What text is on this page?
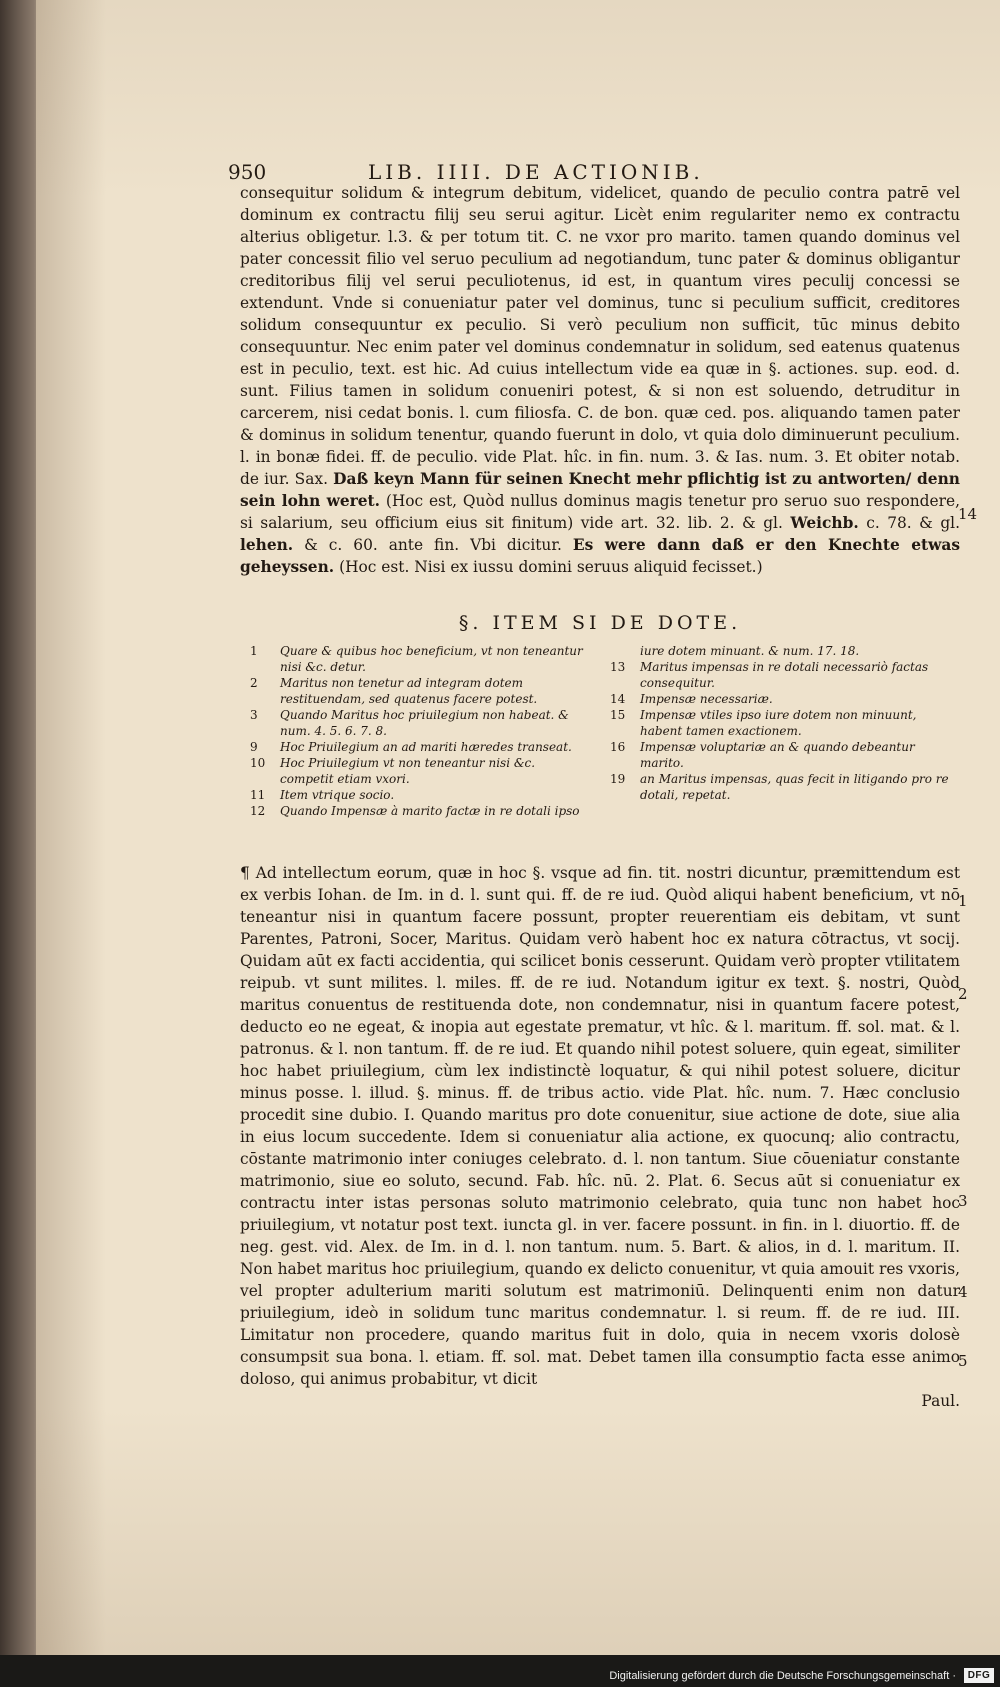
950	LIB. IIII. DE ACTIONIB.

consequitur solidum & integrum debitum, videlicet, quando de peculio contra patrē vel dominum ex contractu filij seu serui agitur. Licèt enim regulariter nemo ex contractu alterius obligetur. l.3. & per totum tit. C. ne vxor pro marito. tamen quando dominus vel pater concessit filio vel seruo peculium ad negotiandum, tunc pater & dominus obligantur creditoribus filij vel serui peculiotenus, id est, in quantum vires peculij concessi se extendunt. Vnde si conueniatur pater vel dominus, tunc si peculium sufficit, creditores solidum consequuntur ex peculio. Si verò peculium non sufficit, tūc minus debito consequuntur. Nec enim pater vel dominus condemnatur in solidum, sed eatenus quatenus est in peculio, text. est hic. Ad cuius intellectum vide ea quæ in §. actiones. sup. eod. d. sunt. Filius tamen in solidum conueniri potest, & si non est soluendo, detruditur in carcerem, nisi cedat bonis. l. cum filiosfa. C. de bon. quæ ced. pos. aliquando tamen pater & dominus in solidum tenentur, quando fuerunt in dolo, vt quia dolo diminuerunt peculium. l. in bonæ fidei. ff. de peculio. vide Plat. hîc. in fin. num. 3. & Ias. num. 3. Et obiter notab. de iur. Sax. Daß keyn Mann für seinen Knecht mehr pflichtig ist zu antworten/ denn sein lohn weret. (Hoc est, Quòd nullus dominus magis tenetur pro seruo suo respondere, si salarium, seu officium eius sit finitum) vide art. 32. lib. 2. & gl. Weichb. c. 78. & gl. lehen. & c. 60. ante fin. Vbi dicitur. Es were dann daß er den Knechte etwas geheyssen. (Hoc est. Nisi ex iussu domini seruus aliquid fecisset.)

§. ITEM SI DE DOTE.

1	Quare & quibus hoc beneficium, vt non teneantur nisi &c. detur.

2	Maritus non tenetur ad integram dotem restituendam, sed quatenus facere potest.

3	Quando Maritus hoc priuilegium non habeat. & num. 4. 5. 6. 7. 8.

9	Hoc Priuilegium an ad mariti hæredes transeat.

10	Hoc Priuilegium vt non teneantur nisi &c. competit etiam vxori.

11	Item vtrique socio.

12	Quando Impensæ à marito factæ in re dotali ipso

iure dotem minuant. & num. 17. 18.

13	Maritus impensas in re dotali necessariò factas consequitur.

14	Impensæ necessariæ.

15	Impensæ vtiles ipso iure dotem non minuunt, habent tamen exactionem.

16	Impensæ voluptariæ an & quando debeantur marito.

19	an Maritus impensas, quas fecit in litigando pro re dotali, repetat.

¶ Ad intellectum eorum, quæ in hoc §. vsque ad fin. tit. nostri dicuntur, præmittendum est ex verbis Iohan. de Im. in d. l. sunt qui. ff. de re iud. Quòd aliqui habent beneficium, vt nō teneantur nisi in quantum facere possunt, propter reuerentiam eis debitam, vt sunt Parentes, Patroni, Socer, Maritus. Quidam verò habent hoc ex natura cōtractus, vt socij. Quidam aūt ex facti accidentia, qui scilicet bonis cesserunt. Quidam verò propter vtilitatem reipub. vt sunt milites. l. miles. ff. de re iud. Notandum igitur ex text. §. nostri, Quòd maritus conuentus de restituenda dote, non condemnatur, nisi in quantum facere potest, deducto eo ne egeat, & inopia aut egestate prematur, vt hîc. & l. maritum. ff. sol. mat. & l. patronus. & l. non tantum. ff. de re iud. Et quando nihil potest soluere, quin egeat, similiter hoc habet priuilegium, cùm lex indistinctè loquatur, & qui nihil potest soluere, dicitur minus posse. l. illud. §. minus. ff. de tribus actio. vide Plat. hîc. num. 7. Hæc conclusio procedit sine dubio. I. Quando maritus pro dote conuenitur, siue actione de dote, siue alia in eius locum succedente. Idem si conueniatur alia actione, ex quocunq; alio contractu, cōstante matrimonio inter coniuges celebrato. d. l. non tantum. Siue cōueniatur constante matrimonio, siue eo soluto, secund. Fab. hîc. nū. 2. Plat. 6. Secus aūt si conueniatur ex contractu inter istas personas soluto matrimonio celebrato, quia tunc non habet hoc priuilegium, vt notatur post text. iuncta gl. in ver. facere possunt. in fin. in l. diuortio. ff. de neg. gest. vid. Alex. de Im. in d. l. non tantum. num. 5. Bart. & alios, in d. l. maritum. II. Non habet maritus hoc priuilegium, quando ex delicto conuenitur, vt quia amouit res vxoris, vel propter adulterium mariti solutum est matrimoniū. Delinquenti enim non datur priuilegium, ideò in solidum tunc maritus condemnatur. l. si reum. ff. de re iud. III. Limitatur non procedere, quando maritus fuit in dolo, quia in necem vxoris dolosè consumpsit sua bona. l. etiam. ff. sol. mat. Debet tamen illa consumptio facta esse animo doloso, qui animus probabitur, vt dicit

Paul.

14
1
2
3
4
5
Digitalisierung gefördert durch die Deutsche Forschungsgemeinschaft ·	DFG
